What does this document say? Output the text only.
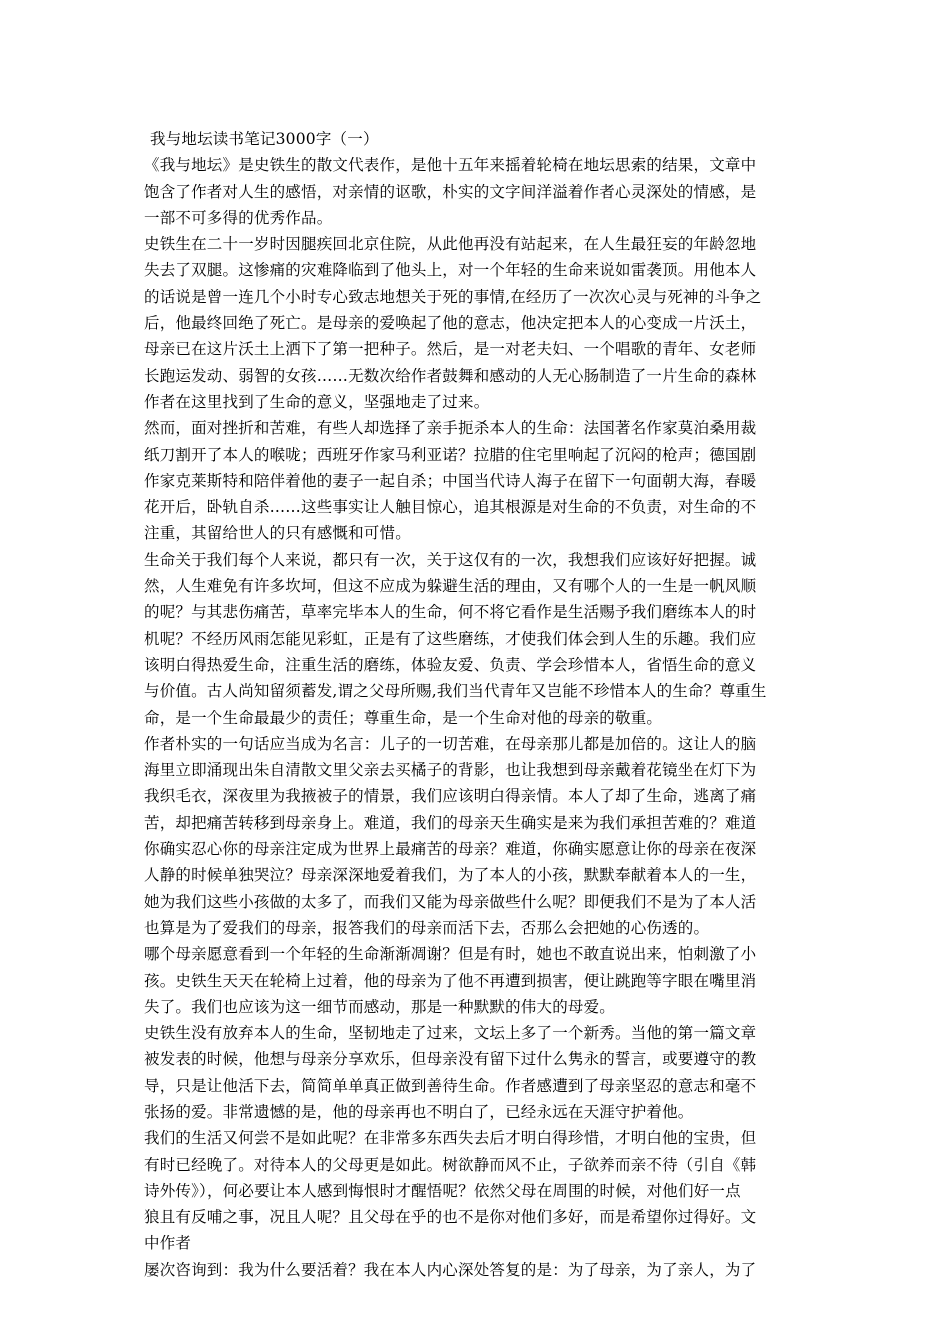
我与地坛读书笔记3000字（一）

《我与地坛》是史铁生的散文代表作，是他十五年来摇着轮椅在地坛思索的结果，文章中
饱含了作者对人生的感悟，对亲情的讴歌，朴实的文字间洋溢着作者心灵深处的情感，是
一部不可多得的优秀作品。

史铁生在二十一岁时因腿疾回北京住院，从此他再没有站起来，在人生最狂妄的年龄忽地
失去了双腿。这惨痛的灾难降临到了他头上，对一个年轻的生命来说如雷袭顶。用他本人
的话说是曾一连几个小时专心致志地想关于死的事情,在经历了一次次心灵与死神的斗争之
后，他最终回绝了死亡。是母亲的爱唤起了他的意志，他决定把本人的心变成一片沃土，
母亲已在这片沃土上洒下了第一把种子。然后，是一对老夫妇、一个唱歌的青年、女老师
长跑运发动、弱智的女孩……无数次给作者鼓舞和感动的人无心肠制造了一片生命的森林
作者在这里找到了生命的意义，坚强地走了过来。

然而，面对挫折和苦难，有些人却选择了亲手扼杀本人的生命：法国著名作家莫泊桑用裁
纸刀割开了本人的喉咙；西班牙作家马利亚诺？拉腊的住宅里响起了沉闷的枪声；德国剧
作家克莱斯特和陪伴着他的妻子一起自杀；中国当代诗人海子在留下一句面朝大海，春暖
花开后，卧轨自杀……这些事实让人触目惊心，追其根源是对生命的不负责，对生命的不
注重，其留给世人的只有感慨和可惜。

生命关于我们每个人来说，都只有一次，关于这仅有的一次，我想我们应该好好把握。诚
然，人生难免有许多坎坷，但这不应成为躲避生活的理由，又有哪个人的一生是一帆风顺
的呢？与其悲伤痛苦，草率完毕本人的生命，何不将它看作是生活赐予我们磨练本人的时
机呢？不经历风雨怎能见彩虹，正是有了这些磨练，才使我们体会到人生的乐趣。我们应
该明白得热爱生命，注重生活的磨练，体验友爱、负责、学会珍惜本人，省悟生命的意义
与价值。古人尚知留须蓄发,谓之父母所赐,我们当代青年又岂能不珍惜本人的生命？尊重生
命，是一个生命最最少的责任；尊重生命，是一个生命对他的母亲的敬重。

作者朴实的一句话应当成为名言：儿子的一切苦难，在母亲那儿都是加倍的。这让人的脑
海里立即涌现出朱自清散文里父亲去买橘子的背影，也让我想到母亲戴着花镜坐在灯下为
我织毛衣，深夜里为我掖被子的情景，我们应该明白得亲情。本人了却了生命，逃离了痛
苦，却把痛苦转移到母亲身上。难道，我们的母亲天生确实是来为我们承担苦难的？难道
你确实忍心你的母亲注定成为世界上最痛苦的母亲？难道，你确实愿意让你的母亲在夜深
人静的时候单独哭泣？母亲深深地爱着我们，为了本人的小孩，默默奉献着本人的一生，
她为我们这些小孩做的太多了，而我们又能为母亲做些什么呢？即便我们不是为了本人活
也算是为了爱我们的母亲，报答我们的母亲而活下去，否那么会把她的心伤透的。

哪个母亲愿意看到一个年轻的生命渐渐凋谢？但是有时，她也不敢直说出来，怕刺激了小
孩。史铁生天天在轮椅上过着，他的母亲为了他不再遭到损害，便让跳跑等字眼在嘴里消
失了。我们也应该为这一细节而感动，那是一种默默的伟大的母爱。

史铁生没有放弃本人的生命，坚韧地走了过来，文坛上多了一个新秀。当他的第一篇文章
被发表的时候，他想与母亲分享欢乐，但母亲没有留下过什么隽永的誓言，或要遵守的教
导，只是让他活下去，简简单单真正做到善待生命。作者感遭到了母亲坚忍的意志和毫不
张扬的爱。非常遗憾的是，他的母亲再也不明白了，已经永远在天涯守护着他。

我们的生活又何尝不是如此呢？在非常多东西失去后才明白得珍惜，才明白他的宝贵，但
有时已经晚了。对待本人的父母更是如此。树欲静而风不止，子欲养而亲不待（引自《韩
诗外传》），何必要让本人感到悔恨时才醒悟呢？依然父母在周围的时候，对他们好一点
狼且有反哺之事，况且人呢？且父母在乎的也不是你对他们多好，而是希望你过得好。文
中作者
屡次咨询到：我为什么要活着？我在本人内心深处答复的是：为了母亲，为了亲人，为了
